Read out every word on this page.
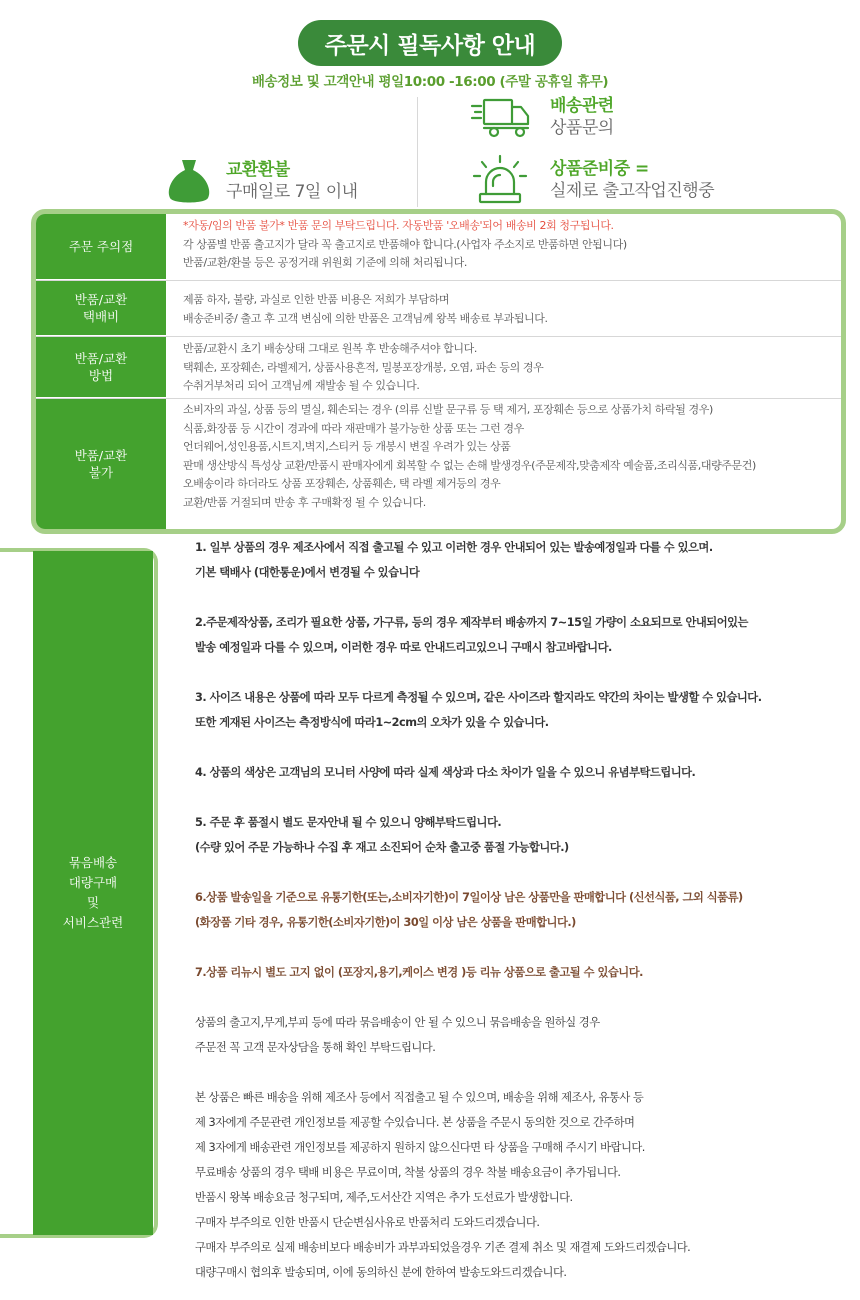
주문시 필독사항 안내
배송정보 및 고객안내 평일10:00 -16:00 (주말 공휴일 휴무)
교환환불
구매일로 7일 이내
배송관련
상품문의
상품준비중 =
실제로 출고작업진행중
주문 주의점
*자동/임의 반품 불가* 반품 문의 부탁드립니다. 자동반품 '오배송'되어 배송비 2회 청구됩니다.
각 상품별 반품 출고지가 달라 꼭 출고지로 반품해야 합니다.(사업자 주소지로 반품하면 안됩니다)
반품/교환/환불 등은 공정거래 위원회 기준에 의해 처리됩니다.
반품/교환
택배비
제품 하자, 불량, 과실로 인한 반품 비용은 저희가 부담하며
배송준비중/ 출고 후 고객 변심에 의한 반품은 고객님께 왕복 배송료 부과됩니다.
반품/교환
방법
반품/교환시 초기 배송상태 그대로 원복 후 반송해주셔야 합니다.
택훼손, 포장훼손, 라벨제거, 상품사용흔적, 밀봉포장개봉, 오염, 파손 등의 경우
수취거부처리 되어 고객님께 재발송 될 수 있습니다.
반품/교환
불가
소비자의 과실, 상품 등의 멸실, 훼손되는 경우 (의류 신발 문구류 등 택 제거, 포장훼손 등으로 상품가치 하락될 경우)
식품,화장품 등 시간이 경과에 따라 재판매가 불가능한 상품 또는 그런 경우
언더웨어,성인용품,시트지,벽지,스티커 등 개봉시 변질 우려가 있는 상품
판매 생산방식 특성상 교환/반품시 판매자에게 회복할 수 없는 손해 발생경우(주문제작,맞춤제작 예술품,조리식품,대량주문건)
오배송이라 하더라도 상품 포장훼손, 상품훼손, 택 라벨 제거등의 경우
교환/반품 거절되며 반송 후 구매확정 될 수 있습니다.
묶음배송
대량구매
및
서비스관련
1. 일부 상품의 경우 제조사에서 직접 출고될 수 있고 이러한 경우 안내되어 있는 발송예정일과 다를 수 있으며.
기본 택배사 (대한통운)에서 변경될 수 있습니다
2.주문제작상품, 조리가 필요한 상품, 가구류, 등의 경우 제작부터 배송까지 7~15일 가량이 소요되므로 안내되어있는
발송 예정일과 다를 수 있으며, 이러한 경우 따로 안내드리고있으니 구매시 참고바랍니다.
3. 사이즈 내용은 상품에 따라 모두 다르게 측정될 수 있으며, 같은 사이즈라 할지라도 약간의 차이는 발생할 수 있습니다.
또한 게재된 사이즈는 측정방식에 따라1~2cm의 오차가 있을 수 있습니다.
4. 상품의 색상은 고객님의 모니터 사양에 따라 실제 색상과 다소 차이가 일을 수 있으니 유념부탁드립니다.
5. 주문 후 품절시 별도 문자안내 될 수 있으니 양해부탁드립니다.
(수량 있어 주문 가능하나 수집 후 재고 소진되어 순차 출고중 품절 가능합니다.)
6.상품 발송일을 기준으로 유통기한(또는,소비자기한)이 7일이상 남은 상품만을 판매합니다 (신선식품, 그외 식품류)
(화장품 기타 경우, 유통기한(소비자기한)이 30일 이상 남은 상품을 판매합니다.)
7.상품 리뉴시 별도 고지 없이 (포장지,용기,케이스 변경 )등 리뉴 상품으로 출고될 수 있습니다.
상품의 출고지,무게,부피 등에 따라 묶음배송이 안 될 수 있으니 묶음배송을 원하실 경우
주문전 꼭 고객 문자상담을 통해 확인 부탁드립니다.
본 상품은 빠른 배송을 위해 제조사 등에서 직접출고 될 수 있으며, 배송을 위해 제조사, 유통사 등
제 3자에게 주문관련 개인정보를 제공할 수있습니다. 본 상품을 주문시 동의한 것으로 간주하며
제 3자에게 배송관련 개인정보를 제공하지 원하지 않으신다면 타 상품을 구매해 주시기 바랍니다.
무료배송 상품의 경우 택배 비용은 무료이며, 착불 상품의 경우 착불 배송요금이 추가됩니다.
반품시 왕복 배송요금 청구되며, 제주,도서산간 지역은 추가 도선료가 발생합니다.
구매자 부주의로 인한 반품시 단순변심사유로 반품처리 도와드리겠습니다.
구매자 부주의로 실제 배송비보다 배송비가 과부과되었을경우 기존 결제 취소 및 재결제 도와드리겠습니다.
대량구매시 협의후 발송되며, 이에 동의하신 분에 한하여 발송도와드리겠습니다.
